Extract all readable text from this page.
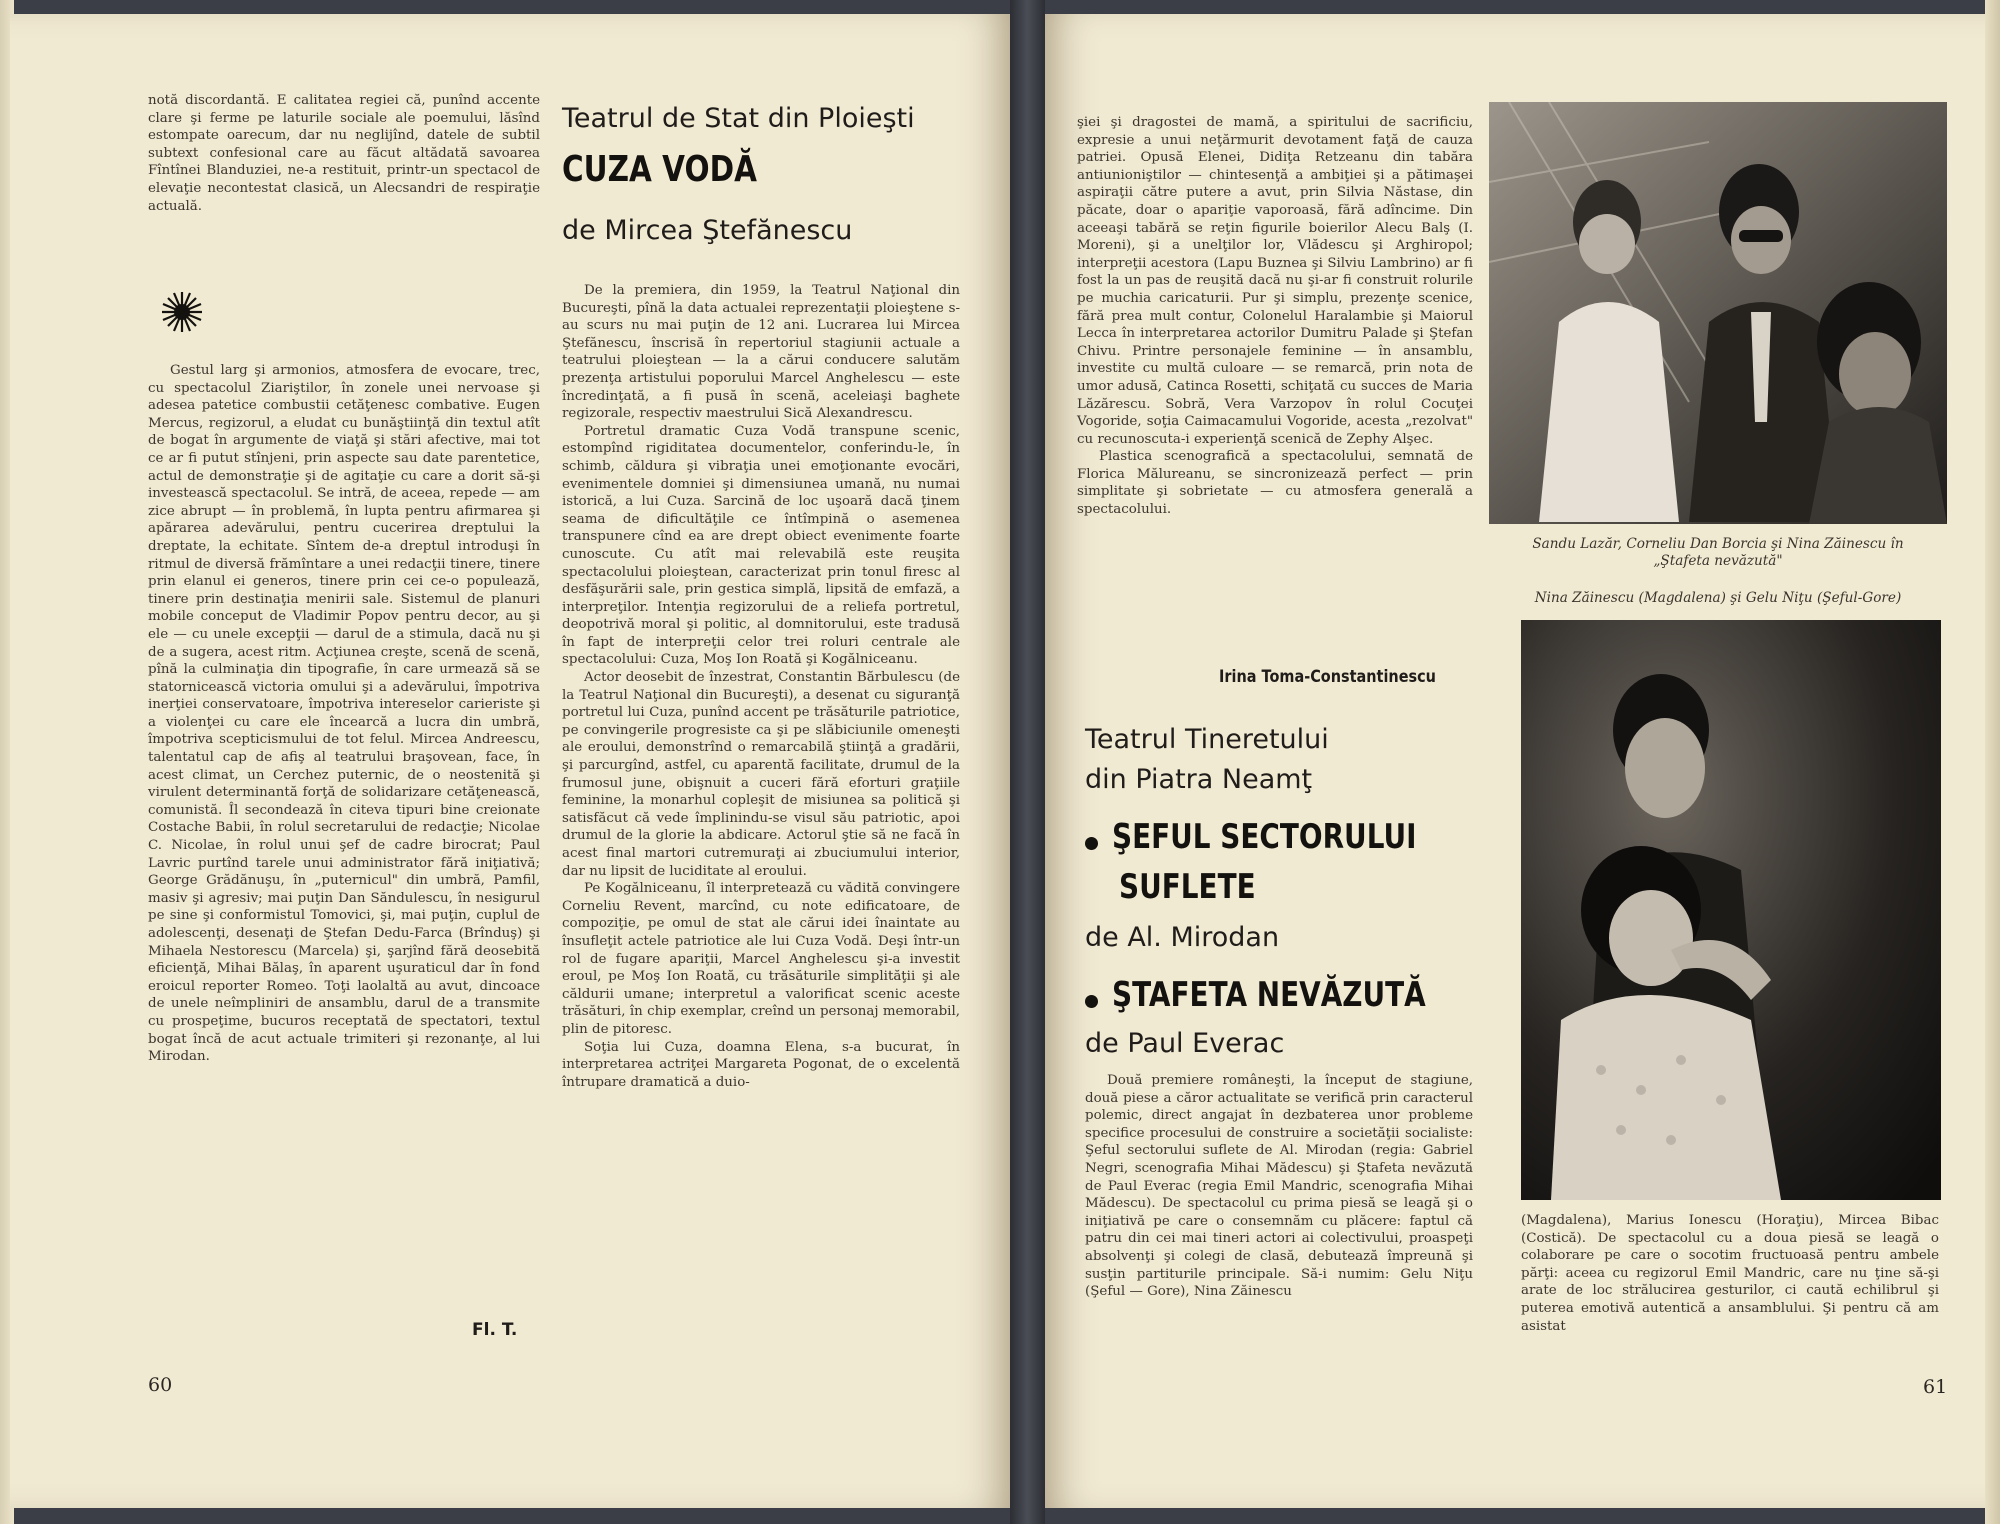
notă discordantă. E calitatea regiei că, punînd accente clare şi ferme pe laturile sociale ale poemului, lăsînd estompate oarecum, dar nu neglijînd, datele de subtil subtext confesional care au făcut altădată savoarea Fîntînei Blanduziei, ne-a restituit, printr-un spectacol de elevaţie necontestat clasică, un Alecsandri de respiraţie actuală.

Gestul larg şi armonios, atmosfera de evocare, trec, cu spectacolul Ziariştilor, în zonele unei nervoase şi adesea patetice combustii cetăţenesc combative. Eugen Mercus, regizorul, a eludat cu bunăştiinţă din textul atît de bogat în argumente de viaţă şi stări afective, mai tot ce ar fi putut stînjeni, prin aspecte sau date parentetice, actul de demonstraţie şi de agitaţie cu care a dorit să-şi investească spectacolul. Se intră, de aceea, repede — am zice abrupt — în problemă, în lupta pentru afirmarea şi apărarea adevărului, pentru cucerirea dreptului la dreptate, la echitate. Sîntem de-a dreptul introduşi în ritmul de diversă frămîntare a unei redacţii tinere, tinere prin elanul ei generos, tinere prin cei ce-o populează, tinere prin destinaţia menirii sale. Sistemul de planuri mobile conceput de Vladimir Popov pentru decor, au şi ele — cu unele excepţii — darul de a stimula, dacă nu şi de a sugera, acest ritm. Acţiunea creşte, scenă de scenă, pînă la culminaţia din tipografie, în care urmează să se statornicească victoria omului şi a adevărului, împotriva inerţiei conservatoare, împotriva intereselor carieriste şi a violenţei cu care ele încearcă a lucra din umbră, împotriva scepticismului de tot felul. Mircea Andreescu, talentatul cap de afiş al teatrului braşovean, face, în acest climat, un Cerchez puternic, de o neostenită şi virulent determinantă forţă de solidarizare cetăţenească, comunistă. Îl secondează în citeva tipuri bine creionate Costache Babii, în rolul secretarului de redacţie; Nicolae C. Nicolae, în rolul unui şef de cadre birocrat; Paul Lavric purtînd tarele unui administrator fără iniţiativă; George Grădănuşu, în „puternicul" din umbră, Pamfil, masiv şi agresiv; mai puţin Dan Săndulescu, în nesigurul pe sine şi conformistul Tomovici, şi, mai puţin, cuplul de adolescenţi, desenaţi de Ştefan Dedu-Farca (Brînduş) şi Mihaela Nestorescu (Marcela) şi, şarjînd fără deosebită eficienţă, Mihai Bălaş, în aparent uşuraticul dar în fond eroicul reporter Romeo. Toţi laolaltă au avut, dincoace de unele neîmpliniri de ansamblu, darul de a transmite cu prospeţime, bucuros receptată de spectatori, textul bogat încă de acut actuale trimiteri şi rezonanţe, al lui Mirodan.

Fl. T.
60
Teatrul de Stat din Ploieşti
CUZA VODĂ
de Mircea Ştefănescu

De la premiera, din 1959, la Teatrul Naţional din Bucureşti, pînă la data actualei reprezentaţii ploieştene s-au scurs nu mai puţin de 12 ani. Lucrarea lui Mircea Ştefănescu, înscrisă în repertoriul stagiunii actuale a teatrului ploieştean — la a cărui conducere salutăm prezenţa artistului poporului Marcel Anghelescu — este încredinţată, a fi pusă în scenă, aceleiaşi baghete regizorale, respectiv maestrului Sică Alexandrescu.

Portretul dramatic Cuza Vodă transpune scenic, estompînd rigiditatea documentelor, conferindu-le, în schimb, căldura şi vibraţia unei emoţionante evocări, evenimentele domniei şi dimensiunea umană, nu numai istorică, a lui Cuza. Sarcină de loc uşoară dacă ţinem seama de dificultăţile ce întîmpină o asemenea transpunere cînd ea are drept obiect evenimente foarte cunoscute. Cu atît mai relevabilă este reuşita spectacolului ploieştean, caracterizat prin tonul firesc al desfăşurării sale, prin gestica simplă, lipsită de emfază, a interpreţilor. Intenţia regizorului de a reliefa portretul, deopotrivă moral şi politic, al domnitorului, este tradusă în fapt de interpreţii celor trei roluri centrale ale spectacolului: Cuza, Moş Ion Roată şi Kogălniceanu.

Actor deosebit de înzestrat, Constantin Bărbulescu (de la Teatrul Naţional din Bucureşti), a desenat cu siguranţă portretul lui Cuza, punînd accent pe trăsăturile patriotice, pe convingerile progresiste ca şi pe slăbiciunile omeneşti ale eroului, demonstrînd o remarcabilă ştiinţă a gradării, şi parcurgînd, astfel, cu aparentă facilitate, drumul de la frumosul june, obişnuit a cuceri fără eforturi graţiile feminine, la monarhul copleşit de misiunea sa politică şi satisfăcut că vede împlinindu-se visul său patriotic, apoi drumul de la glorie la abdicare. Actorul ştie să ne facă în acest final martori cutremuraţi ai zbuciumului interior, dar nu lipsit de luciditate al eroului.

Pe Kogălniceanu, îl interpretează cu vădită convingere Corneliu Revent, marcînd, cu note edificatoare, de compoziţie, pe omul de stat ale cărui idei înaintate au însufleţit actele patriotice ale lui Cuza Vodă. Deşi într-un rol de fugare apariţii, Marcel Anghelescu şi-a investit eroul, pe Moş Ion Roată, cu trăsăturile simplităţii şi ale căldurii umane; interpretul a valorificat scenic aceste trăsături, în chip exemplar, creînd un personaj memorabil, plin de pitoresc.

Soţia lui Cuza, doamna Elena, s-a bucurat, în interpretarea actriţei Margareta Pogonat, de o excelentă întrupare dramatică a duio-

şiei şi dragostei de mamă, a spiritului de sacrificiu, expresie a unui neţărmurit devotament faţă de cauza patriei. Opusă Elenei, Didiţa Retzeanu din tabăra antiunioniştilor — chintesenţă a ambiţiei şi a pătimaşei aspiraţii către putere a avut, prin Silvia Năstase, din păcate, doar o apariţie vaporoasă, fără adîncime. Din aceeaşi tabără se reţin figurile boierilor Alecu Balş (I. Moreni), şi a unelţilor lor, Vlădescu şi Arghiropol; interpreţii acestora (Lapu Buznea şi Silviu Lambrino) ar fi fost la un pas de reuşită dacă nu şi-ar fi construit rolurile pe muchia caricaturii. Pur şi simplu, prezenţe scenice, fără prea mult contur, Colonelul Haralambie şi Maiorul Lecca în interpretarea actorilor Dumitru Palade şi Ştefan Chivu. Printre personajele feminine — în ansamblu, investite cu multă culoare — se remarcă, prin nota de umor adusă, Catinca Rosetti, schiţată cu succes de Maria Lăzărescu. Sobră, Vera Varzopov în rolul Cocuţei Vogoride, soţia Caimacamului Vogoride, acesta „rezolvat" cu recunoscuta-i experienţă scenică de Zephy Alşec.

Plastica scenografică a spectacolului, semnată de Florica Mălureanu, se sincronizează perfect — prin simplitate şi sobrietate — cu atmosfera generală a spectacolului.

Irina Toma-Constantinescu
Sandu Lazăr, Corneliu Dan Borcia şi Nina Zăinescu în „Ştafeta nevăzută"
Nina Zăinescu (Magdalena) şi Gelu Niţu (Şeful-Gore)
Teatrul Tineretului
din Piatra Neamţ
ŞEFUL SECTORULUI
SUFLETE
de Al. Mirodan
ŞTAFETA NEVĂZUTĂ
de Paul Everac

Două premiere româneşti, la început de stagiune, două piese a căror actualitate se verifică prin caracterul polemic, direct angajat în dezbaterea unor probleme specifice procesului de construire a societăţii socialiste: Şeful sectorului suflete de Al. Mirodan (regia: Gabriel Negri, scenografia Mihai Mădescu) şi Ştafeta nevăzută de Paul Everac (regia Emil Mandric, scenografia Mihai Mădescu). De spectacolul cu prima piesă se leagă şi o iniţiativă pe care o consemnăm cu plăcere: faptul că patru din cei mai tineri actori ai colectivului, proaspeţi absolvenţi şi colegi de clasă, debutează împreună şi susţin partiturile principale. Să-i numim: Gelu Niţu (Şeful — Gore), Nina Zăinescu

(Magdalena), Marius Ionescu (Horaţiu), Mircea Bibac (Costică). De spectacolul cu a doua piesă se leagă o colaborare pe care o socotim fructuoasă pentru ambele părţi: aceea cu regizorul Emil Mandric, care nu ţine să-şi arate de loc strălucirea gesturilor, ci caută echilibrul şi puterea emotivă autentică a ansamblului. Şi pentru că am asistat

61
